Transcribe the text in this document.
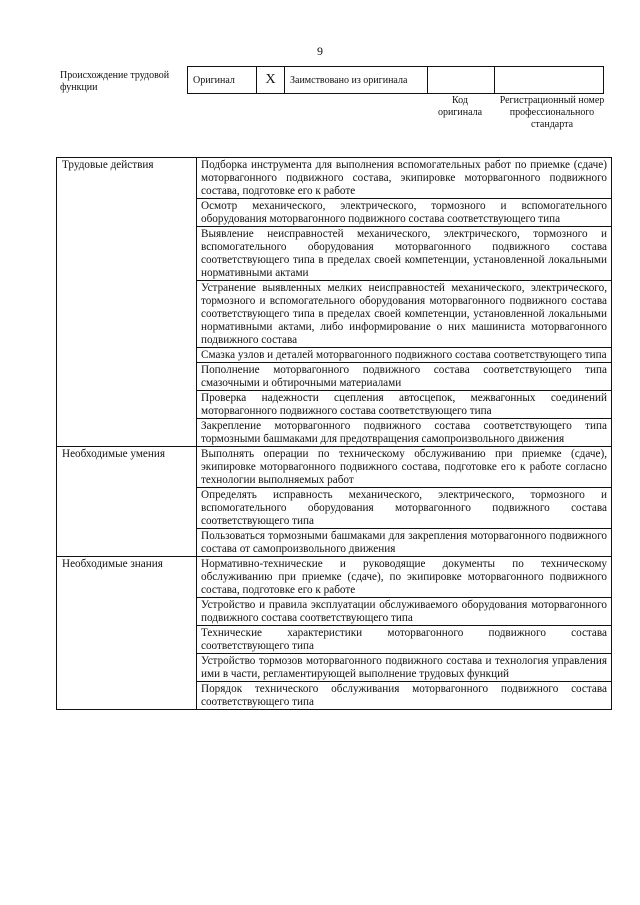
9
Происхождение трудовой функции
Оригинал	X	Заимствовано из оригинала		
Код оригинала
Регистрационный номер профессионального стандарта
Трудовые действия	Подборка инструмента для выполнения вспомогательных работ по приемке (сдаче) моторвагонного подвижного состава, экипировке моторвагонного подвижного состава, подготовке его к работе
	Осмотр механического, электрического, тормозного и вспомогательного оборудования моторвагонного подвижного состава соответствующего типа
	Выявление неисправностей механического, электрического, тормозного и вспомогательного оборудования моторвагонного подвижного состава соответствующего типа в пределах своей компетенции, установленной локальными нормативными актами
	Устранение выявленных мелких неисправностей механического, электрического, тормозного и вспомогательного оборудования моторвагонного подвижного состава соответствующего типа в пределах своей компетенции, установленной локальными нормативными актами, либо информирование о них машиниста моторвагонного подвижного состава
	Смазка узлов и деталей моторвагонного подвижного состава соответствующего типа
	Пополнение моторвагонного подвижного состава соответствующего типа смазочными и обтирочными материалами
	Проверка надежности сцепления автосцепок, межвагонных соединений моторвагонного подвижного состава соответствующего типа
	Закрепление моторвагонного подвижного состава соответствующего типа тормозными башмаками для предотвращения самопроизвольного движения
Необходимые умения	Выполнять операции по техническому обслуживанию при приемке (сдаче), экипировке моторвагонного подвижного состава, подготовке его к работе согласно технологии выполняемых работ
	Определять исправность механического, электрического, тормозного и вспомогательного оборудования моторвагонного подвижного состава соответствующего типа
	Пользоваться тормозными башмаками для закрепления моторвагонного подвижного состава от самопроизвольного движения
Необходимые знания	Нормативно-технические и руководящие документы по техническому обслуживанию при приемке (сдаче), по экипировке моторвагонного подвижного состава, подготовке его к работе
	Устройство и правила эксплуатации обслуживаемого оборудования моторвагонного подвижного состава соответствующего типа
	Технические характеристики моторвагонного подвижного состава соответствующего типа
	Устройство тормозов моторвагонного подвижного состава и технология управления ими в части, регламентирующей выполнение трудовых функций
	Порядок технического обслуживания моторвагонного подвижного состава соответствующего типа
